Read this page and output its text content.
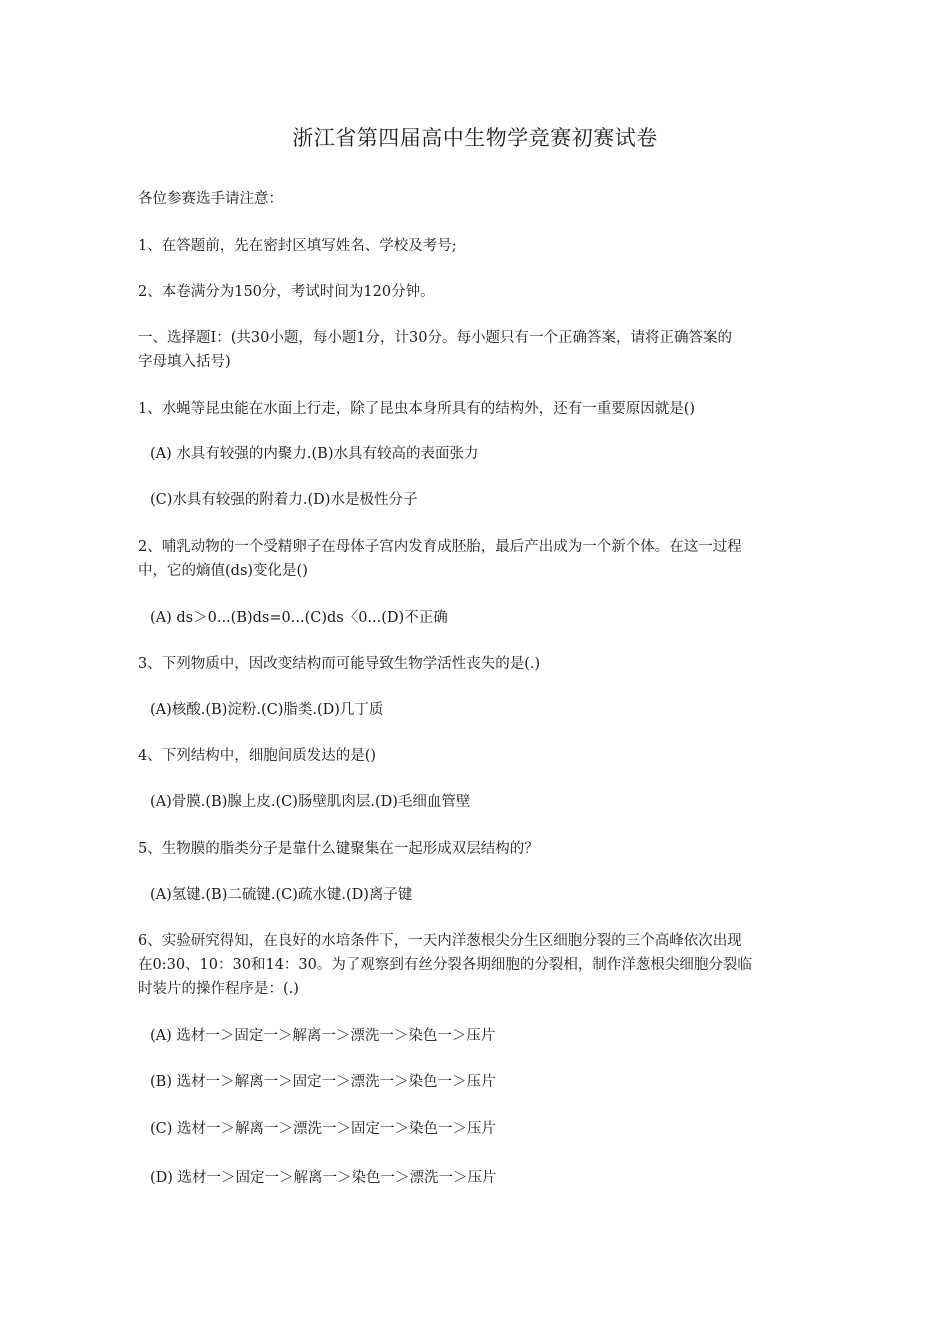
浙江省第四届高中生物学竞赛初赛试卷
各位参赛选手请注意：
1、在答题前，先在密封区填写姓名、学校及考号;
2、本卷满分为150分，考试时间为120分钟。
一、选择题I：(共30小题，每小题1分，计30分。每小题只有一个正确答案，请将正确答案的
字母填入括号)
1、水蝇等昆虫能在水面上行走，除了昆虫本身所具有的结构外，还有一重要原因就是()
(A) 水具有较强的内聚力.(B)水具有较高的表面张力
(C)水具有较强的附着力.(D)水是极性分子
2、哺乳动物的一个受精卵子在母体子宫内发育成胚胎，最后产出成为一个新个体。在这一过程
中，它的熵值(ds)变化是()
(A) ds＞0...(B)ds=0...(C)ds〈0...(D)不正确
3、下列物质中，因改变结构而可能导致生物学活性丧失的是(.)
(A)核酸.(B)淀粉.(C)脂类.(D)几丁质
4、下列结构中，细胞间质发达的是()
(A)骨膜.(B)腺上皮.(C)肠壁肌肉层.(D)毛细血管壁
5、生物膜的脂类分子是靠什么键聚集在一起形成双层结构的？
(A)氢键.(B)二硫键.(C)疏水键.(D)离子键
6、实验研究得知，在良好的水培条件下，一天内洋葱根尖分生区细胞分裂的三个高峰依次出现
在0:30、10：30和14：30。为了观察到有丝分裂各期细胞的分裂相，制作洋葱根尖细胞分裂临
时装片的操作程序是：(.)
(A) 选材一＞固定一＞解离一＞漂洗一＞染色一＞压片
(B) 选材一＞解离一＞固定一＞漂洗一＞染色一＞压片
(C) 选材一＞解离一＞漂洗一＞固定一＞染色一＞压片
(D) 选材一＞固定一＞解离一＞染色一＞漂洗一＞压片
